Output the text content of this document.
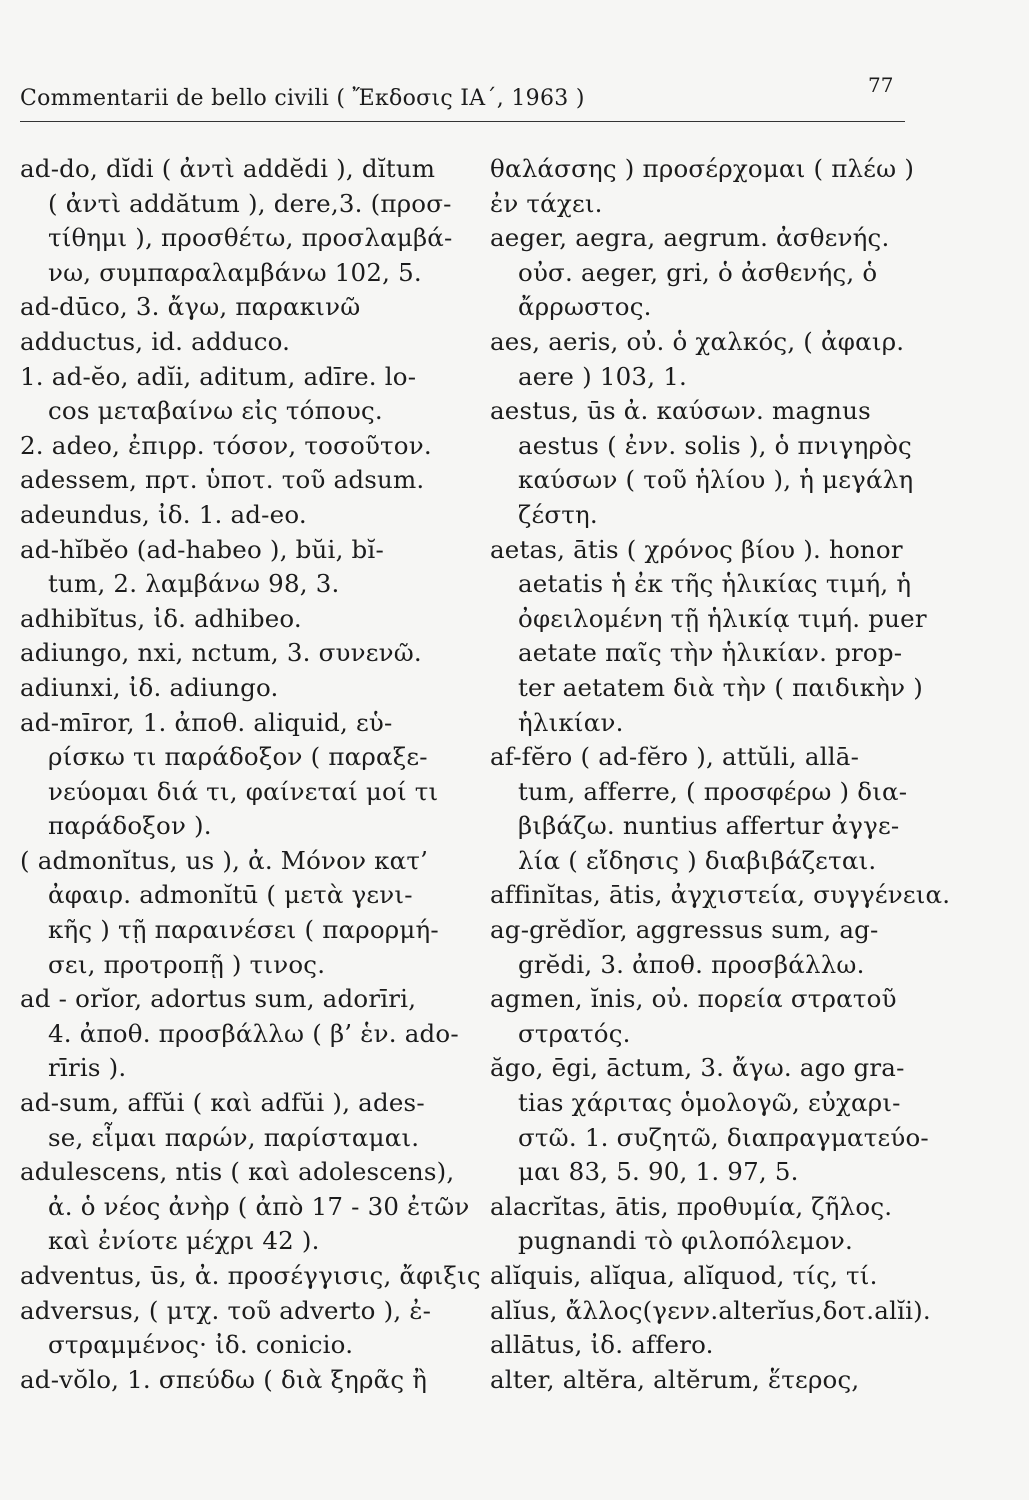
Commentarii de bello civili ( Ἔκδοσις ΙΑ΄, 1963 )
77
ad-do, dĭdi ( ἀντὶ addĕdi ), dĭtum
( ἀντὶ addătum ), dere,3. (προσ-
τίθημι ), προσθέτω, προσλαμβά-
νω, συμπαραλαμβάνω 102, 5.
ad-dūco, 3. ἄγω, παρακινῶ
adductus, id. adduco.
1. ad-ĕo, adĭi, aditum, adīre. lo-
cos μεταβαίνω εἰς τόπους.
2. adeo, ἐπιρρ. τόσον, τοσοῦτον.
adessem, πρτ. ὑποτ. τοῦ adsum.
adeundus, ἰδ. 1. ad-eo.
ad-hĭbĕo (ad-habeo ), bŭi, bĭ-
tum, 2. λαμβάνω 98, 3.
adhibĭtus, ἰδ. adhibeo.
adiungo, nxi, nctum, 3. συνενῶ.
adiunxi, ἰδ. adiungo.
ad-mīror, 1. ἀποθ. aliquid, εὑ-
ρίσκω τι παράδοξον ( παραξε-
νεύομαι διά τι, φαίνεταί μοί τι
παράδοξον ).
( admonĭtus, us ), ἀ. Μόνον κατ’
ἀφαιρ. admonĭtū ( μετὰ γενι-
κῆς ) τῇ παραινέσει ( παρορμή-
σει, προτροπῇ ) τινος.
ad - orĭor, adortus sum, adorīri,
4. ἀποθ. προσβάλλω ( β’ ἑν. ado-
rīris ).
ad-sum, affŭi ( καὶ adfŭi ), ades-
se, εἶμαι παρών, παρίσταμαι.
adulescens, ntis ( καὶ adolescens),
ἀ. ὁ νέος ἀνὴρ ( ἀπὸ 17 - 30 ἐτῶν
καὶ ἐνίοτε μέχρι 42 ).
adventus, ūs, ἀ. προσέγγισις, ἄφιξις
adversus, ( μτχ. τοῦ adverto ), ἐ-
στραμμένος· ἰδ. conicio.
ad-vŏlo, 1. σπεύδω ( διὰ ξηρᾶς ἢ
θαλάσσης ) προσέρχομαι ( πλέω )
ἐν τάχει.
aeger, aegra, aegrum. ἀσθενής.
οὐσ. aeger, gri, ὁ ἀσθενής, ὁ
ἄρρωστος.
aes, aeris, οὐ. ὁ χαλκός, ( ἀφαιρ.
aere ) 103, 1.
aestus, ūs ἀ. καύσων. magnus
aestus ( ἐνν. solis ), ὁ πνιγηρὸς
καύσων ( τοῦ ἡλίου ), ἡ μεγάλη
ζέστη.
aetas, ātis ( χρόνος βίου ). honor
aetatis ἡ ἐκ τῆς ἡλικίας τιμή, ἡ
ὀφειλομένη τῇ ἡλικίᾳ τιμή. puer
aetate παῖς τὴν ἡλικίαν. prop-
ter aetatem διὰ τὴν ( παιδικὴν )
ἡλικίαν.
af-fĕro ( ad-fĕro ), attŭli, allā-
tum, afferre, ( προσφέρω ) δια-
βιβάζω. nuntius affertur ἀγγε-
λία ( εἴδησις ) διαβιβάζεται.
affinĭtas, ātis, ἀγχιστεία, συγγένεια.
ag-grĕdĭor, aggressus sum, ag-
grĕdi, 3. ἀποθ. προσβάλλω.
agmen, ĭnis, οὐ. πορεία στρατοῦ
στρατός.
ăgo, ēgi, āctum, 3. ἄγω. ago gra-
tias χάριτας ὁμολογῶ, εὐχαρι-
στῶ. 1. συζητῶ, διαπραγματεύο-
μαι 83, 5. 90, 1. 97, 5.
alacrĭtas, ātis, προθυμία, ζῆλος.
pugnandi τὸ φιλοπόλεμον.
alĭquis, alĭqua, alĭquod, τίς, τί.
alĭus, ἄλλος(γενν.alterĭus,δοτ.alĭi).
allātus, ἰδ. affero.
alter, altĕra, altĕrum, ἕτερος,
